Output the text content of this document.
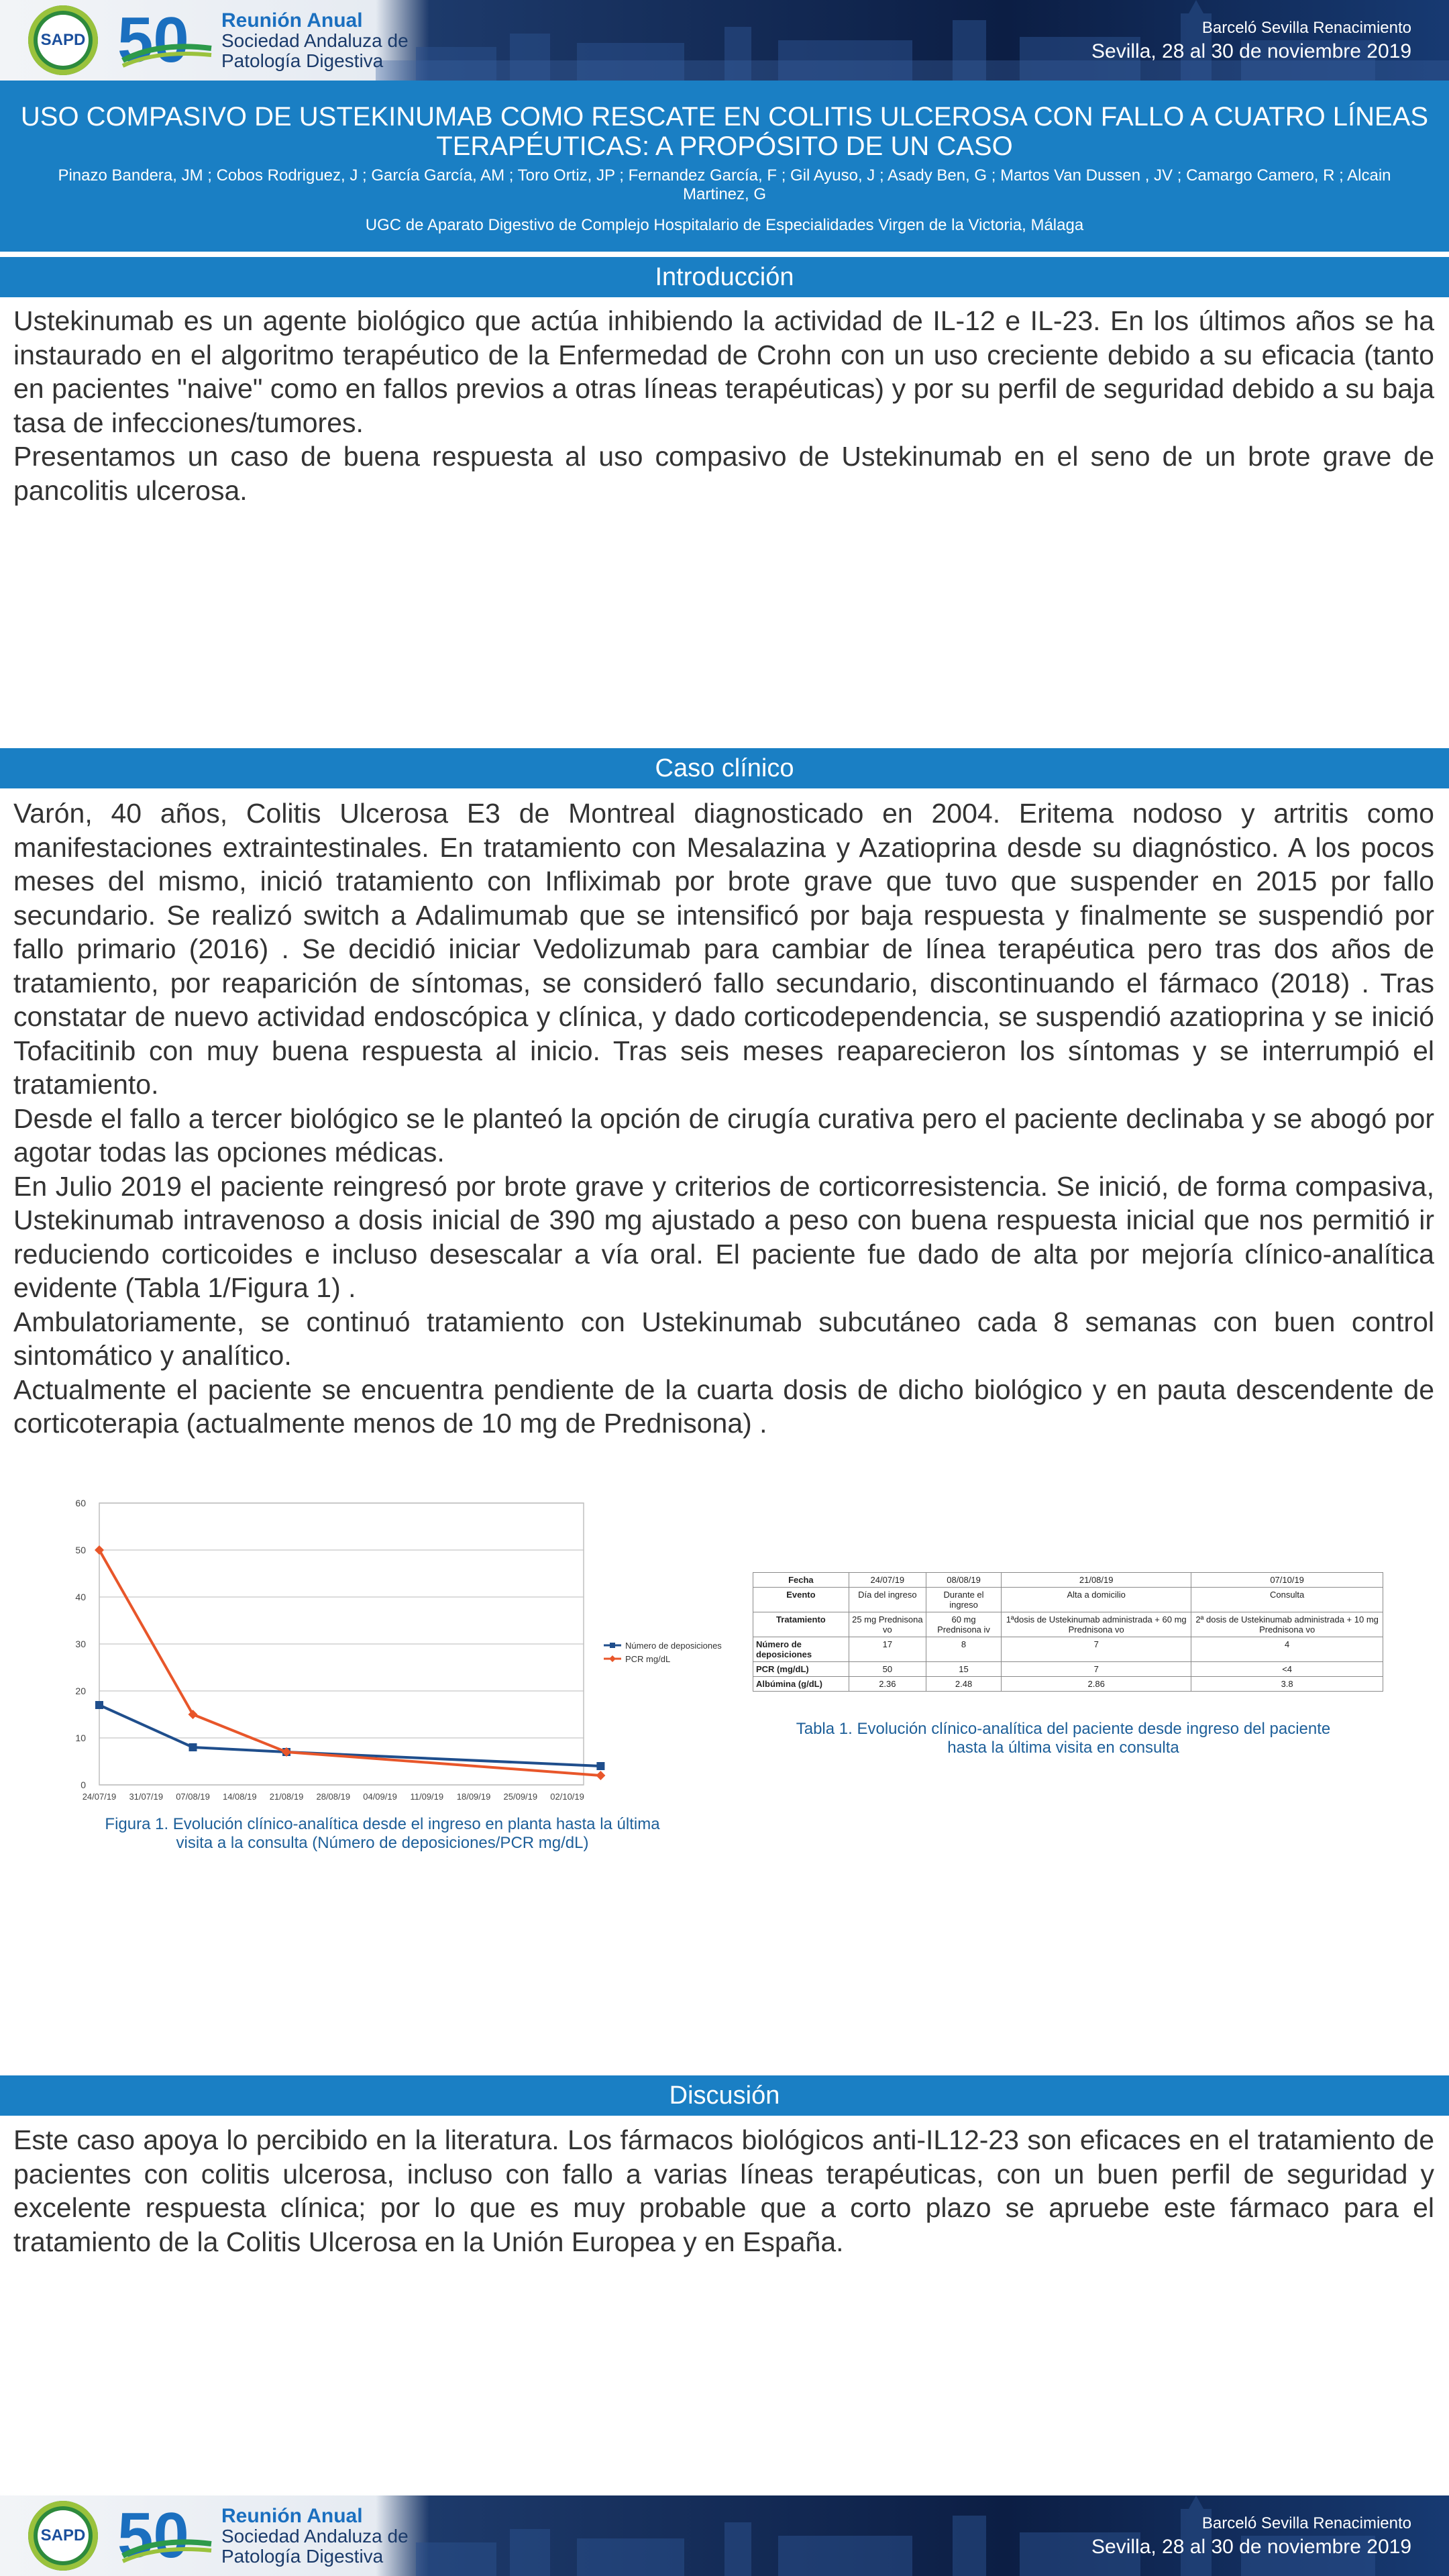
SAPD 50 Reunión Anual
Sociedad Andaluza de
Patología Digestiva
Barceló Sevilla Renacimiento
Sevilla, 28 al 30 de noviembre 2019
USO COMPASIVO DE USTEKINUMAB COMO RESCATE EN COLITIS ULCEROSA CON FALLO A CUATRO LÍNEAS TERAPÉUTICAS: A PROPÓSITO DE UN CASO
Pinazo Bandera, JM ; Cobos Rodriguez, J ; García García, AM ; Toro Ortiz, JP ; Fernandez García, F ; Gil Ayuso, J ; Asady Ben, G ; Martos Van Dussen , JV ; Camargo Camero, R ; Alcain Martinez, G
UGC de Aparato Digestivo de Complejo Hospitalario de Especialidades Virgen de la Victoria, Málaga
Introducción

Ustekinumab es un agente biológico que actúa inhibiendo la actividad de IL-12 e IL-23. En los últimos años se ha instaurado en el algoritmo terapéutico de la Enfermedad de Crohn con un uso creciente debido a su eficacia (tanto en pacientes "naive" como en fallos previos a otras líneas terapéuticas) y por su perfil de seguridad debido a su baja tasa de infecciones/tumores.

Presentamos un caso de buena respuesta al uso compasivo de Ustekinumab en el seno de un brote grave de pancolitis ulcerosa.

Caso clínico

Varón, 40 años, Colitis Ulcerosa E3 de Montreal diagnosticado en 2004. Eritema nodoso y artritis como manifestaciones extraintestinales. En tratamiento con Mesalazina y Azatioprina desde su diagnóstico. A los pocos meses del mismo, inició tratamiento con Infliximab por brote grave que tuvo que suspender en 2015 por fallo secundario. Se realizó switch a Adalimumab que se intensificó por baja respuesta y finalmente se suspendió por fallo primario (2016) . Se decidió iniciar Vedolizumab para cambiar de línea terapéutica pero tras dos años de tratamiento, por reaparición de síntomas, se consideró fallo secundario, discontinuando el fármaco (2018) . Tras constatar de nuevo actividad endoscópica y clínica, y dado corticodependencia, se suspendió azatioprina y se inició Tofacitinib con muy buena respuesta al inicio. Tras seis meses reaparecieron los síntomas y se interrumpió el tratamiento.

Desde el fallo a tercer biológico se le planteó la opción de cirugía curativa pero el paciente declinaba y se abogó por agotar todas las opciones médicas.

En Julio 2019 el paciente reingresó por brote grave y criterios de corticorresistencia. Se inició, de forma compasiva, Ustekinumab intravenoso a dosis inicial de 390 mg ajustado a peso con buena respuesta inicial que nos permitió ir reduciendo corticoides e incluso desescalar a vía oral. El paciente fue dado de alta por mejoría clínico-analítica evidente (Tabla 1/Figura 1) .

Ambulatoriamente, se continuó tratamiento con Ustekinumab subcutáneo cada 8 semanas con buen control sintomático y analítico.

Actualmente el paciente se encuentra pendiente de la cuarta dosis de dicho biológico y en pauta descendente de corticoterapia (actualmente menos de 10 mg de Prednisona) .

0
10
20
30
40
50
60
24/07/19 31/07/19 07/08/19 14/08/19 21/08/19 28/08/19 04/09/19 11/09/19 18/09/19 25/09/19 02/10/19
Número de deposiciones
PCR mg/dL
Figura 1. Evolución clínico-analítica desde el ingreso en planta hasta la última visita a la consulta (Número de deposiciones/PCR mg/dL)
Fecha	24/07/19	08/08/19	21/08/19	07/10/19
Evento	Día del ingreso	Durante el ingreso	Alta a domicilio	Consulta
Tratamiento	25 mg Prednisona vo	60 mg Prednisona iv	1ªdosis de Ustekinumab administrada + 60 mg Prednisona vo	2ª dosis de Ustekinumab administrada + 10 mg Prednisona vo
Número de deposiciones	17	8	7	4
PCR (mg/dL)	50	15	7	<4
Albúmina (g/dL)	2.36	2.48	2.86	3.8
Tabla 1. Evolución clínico-analítica del paciente desde ingreso del paciente hasta la última visita en consulta
Discusión

Este caso apoya lo percibido en la literatura. Los fármacos biológicos anti-IL12-23 son eficaces en el tratamiento de pacientes con colitis ulcerosa, incluso con fallo a varias líneas terapéuticas, con un buen perfil de seguridad y excelente respuesta clínica; por lo que es muy probable que a corto plazo se apruebe este fármaco para el tratamiento de la Colitis Ulcerosa en la Unión Europea y en España.

SAPD 50 Reunión Anual
Sociedad Andaluza de
Patología Digestiva
Barceló Sevilla Renacimiento
Sevilla, 28 al 30 de noviembre 2019
